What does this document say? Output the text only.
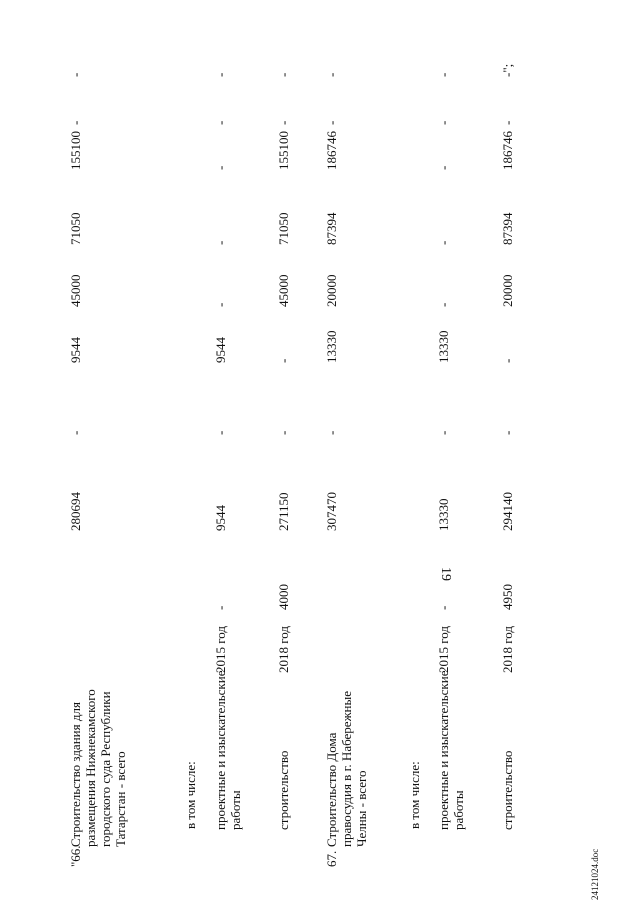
"66.
Строительство здания для размещения Нижнекамского городского суда Республики Татарстан - всего
280694
-
9544
45000
71050
155100
-
-
в том числе: проектные и изыскательские работы
2015 год
-
9544
-
9544
-
-
-
-
-
строительство
2018 год
4000
271150
-
-
45000
71050
155100
-
-
67.
Строительство Дома правосудия в г. Набережные Челны - всего
307470
-
13330
20000
87394
186746
-
-
в том числе: проектные и изыскательские работы
2015 год
-
13330
-
13330
-
-
-
-
-
строительство
2018 год
4950
294140
-
-
20000
87394
186746
-
-";
24121024.doc
19
